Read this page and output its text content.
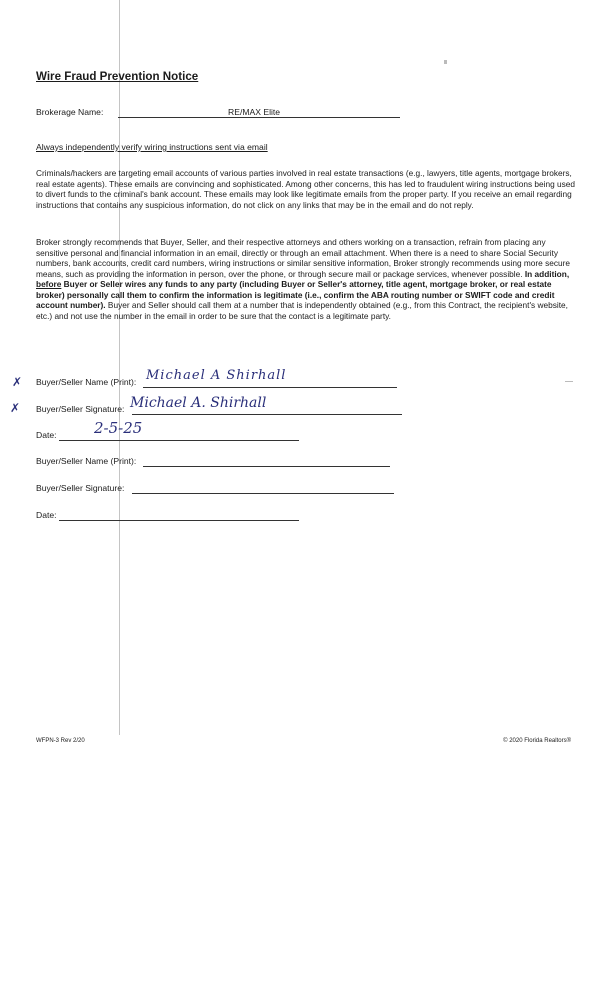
Wire Fraud Prevention Notice
Brokerage Name:	RE/MAX Elite
Always independently verify wiring instructions sent via email

Criminals/hackers are targeting email accounts of various parties involved in real estate transactions (e.g., lawyers, title agents, mortgage brokers, real estate agents). These emails are convincing and sophisticated. Among other concerns, this has led to fraudulent wiring instructions being used to divert funds to the criminal's bank account. These emails may look like legitimate emails from the proper party. If you receive an email regarding instructions that contains any suspicious information, do not click on any links that may be in the email and do not reply.

Broker strongly recommends that Buyer, Seller, and their respective attorneys and others working on a transaction, refrain from placing any sensitive personal and financial information in an email, directly or through an email attachment. When there is a need to share Social Security numbers, bank accounts, credit card numbers, wiring instructions or similar sensitive information, Broker strongly recommends using more secure means, such as providing the information in person, over the phone, or through secure mail or package services, whenever possible. In addition, before Buyer or Seller wires any funds to any party (including Buyer or Seller's attorney, title agent, mortgage broker, or real estate broker) personally call them to confirm the information is legitimate (i.e., confirm the ABA routing number or SWIFT code and credit account number). Buyer and Seller should call them at a number that is independently obtained (e.g., from this Contract, the recipient's website, etc.) and not use the number in the email in order to be sure that the contact is a legitimate party.

✗ Buyer/Seller Name (Print): Michael A Shirhall
✗ Buyer/Seller Signature: Michael A. Shirhall
Date: 2-5-25
Buyer/Seller Name (Print):
Buyer/Seller Signature:
Date:
WFPN-3 Rev 2/20	© 2020 Florida Realtors®
